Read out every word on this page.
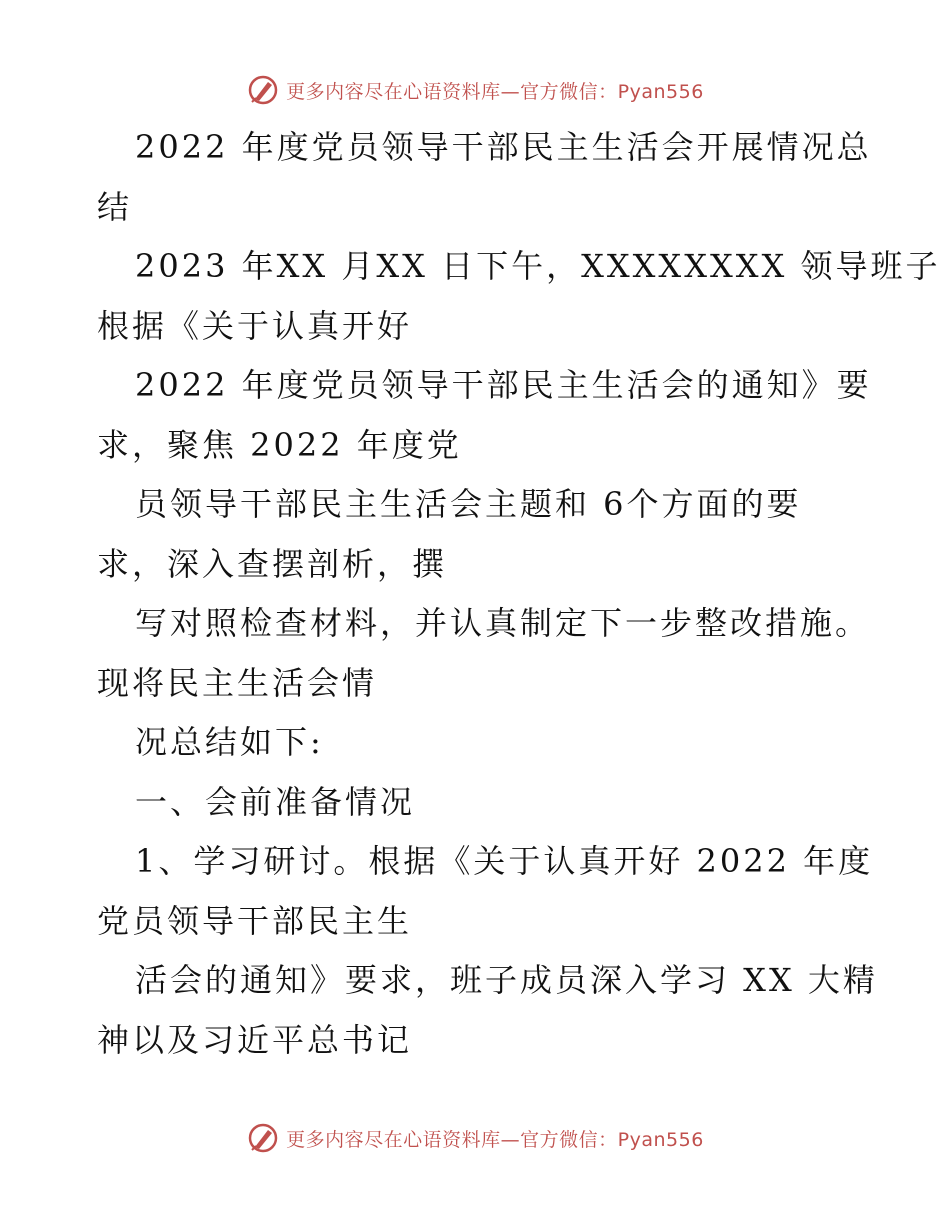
更多内容尽在心语资料库—官方微信：Pyan556
2022 年度党员领导干部民主生活会开展情况总
结
2023 年XX 月XX 日下午，XXXXXXXX 领导班子
根据《关于认真开好
2022 年度党员领导干部民主生活会的通知》要
求，聚焦 2022 年度党
员领导干部民主生活会主题和 6个方面的要
求，深入查摆剖析，撰
写对照检查材料，并认真制定下一步整改措施。
现将民主生活会情
况总结如下:
一、会前准备情况
1、学习研讨。根据《关于认真开好 2022 年度
党员领导干部民主生
活会的通知》要求，班子成员深入学习 XX 大精
神以及习近平总书记
更多内容尽在心语资料库—官方微信：Pyan556
